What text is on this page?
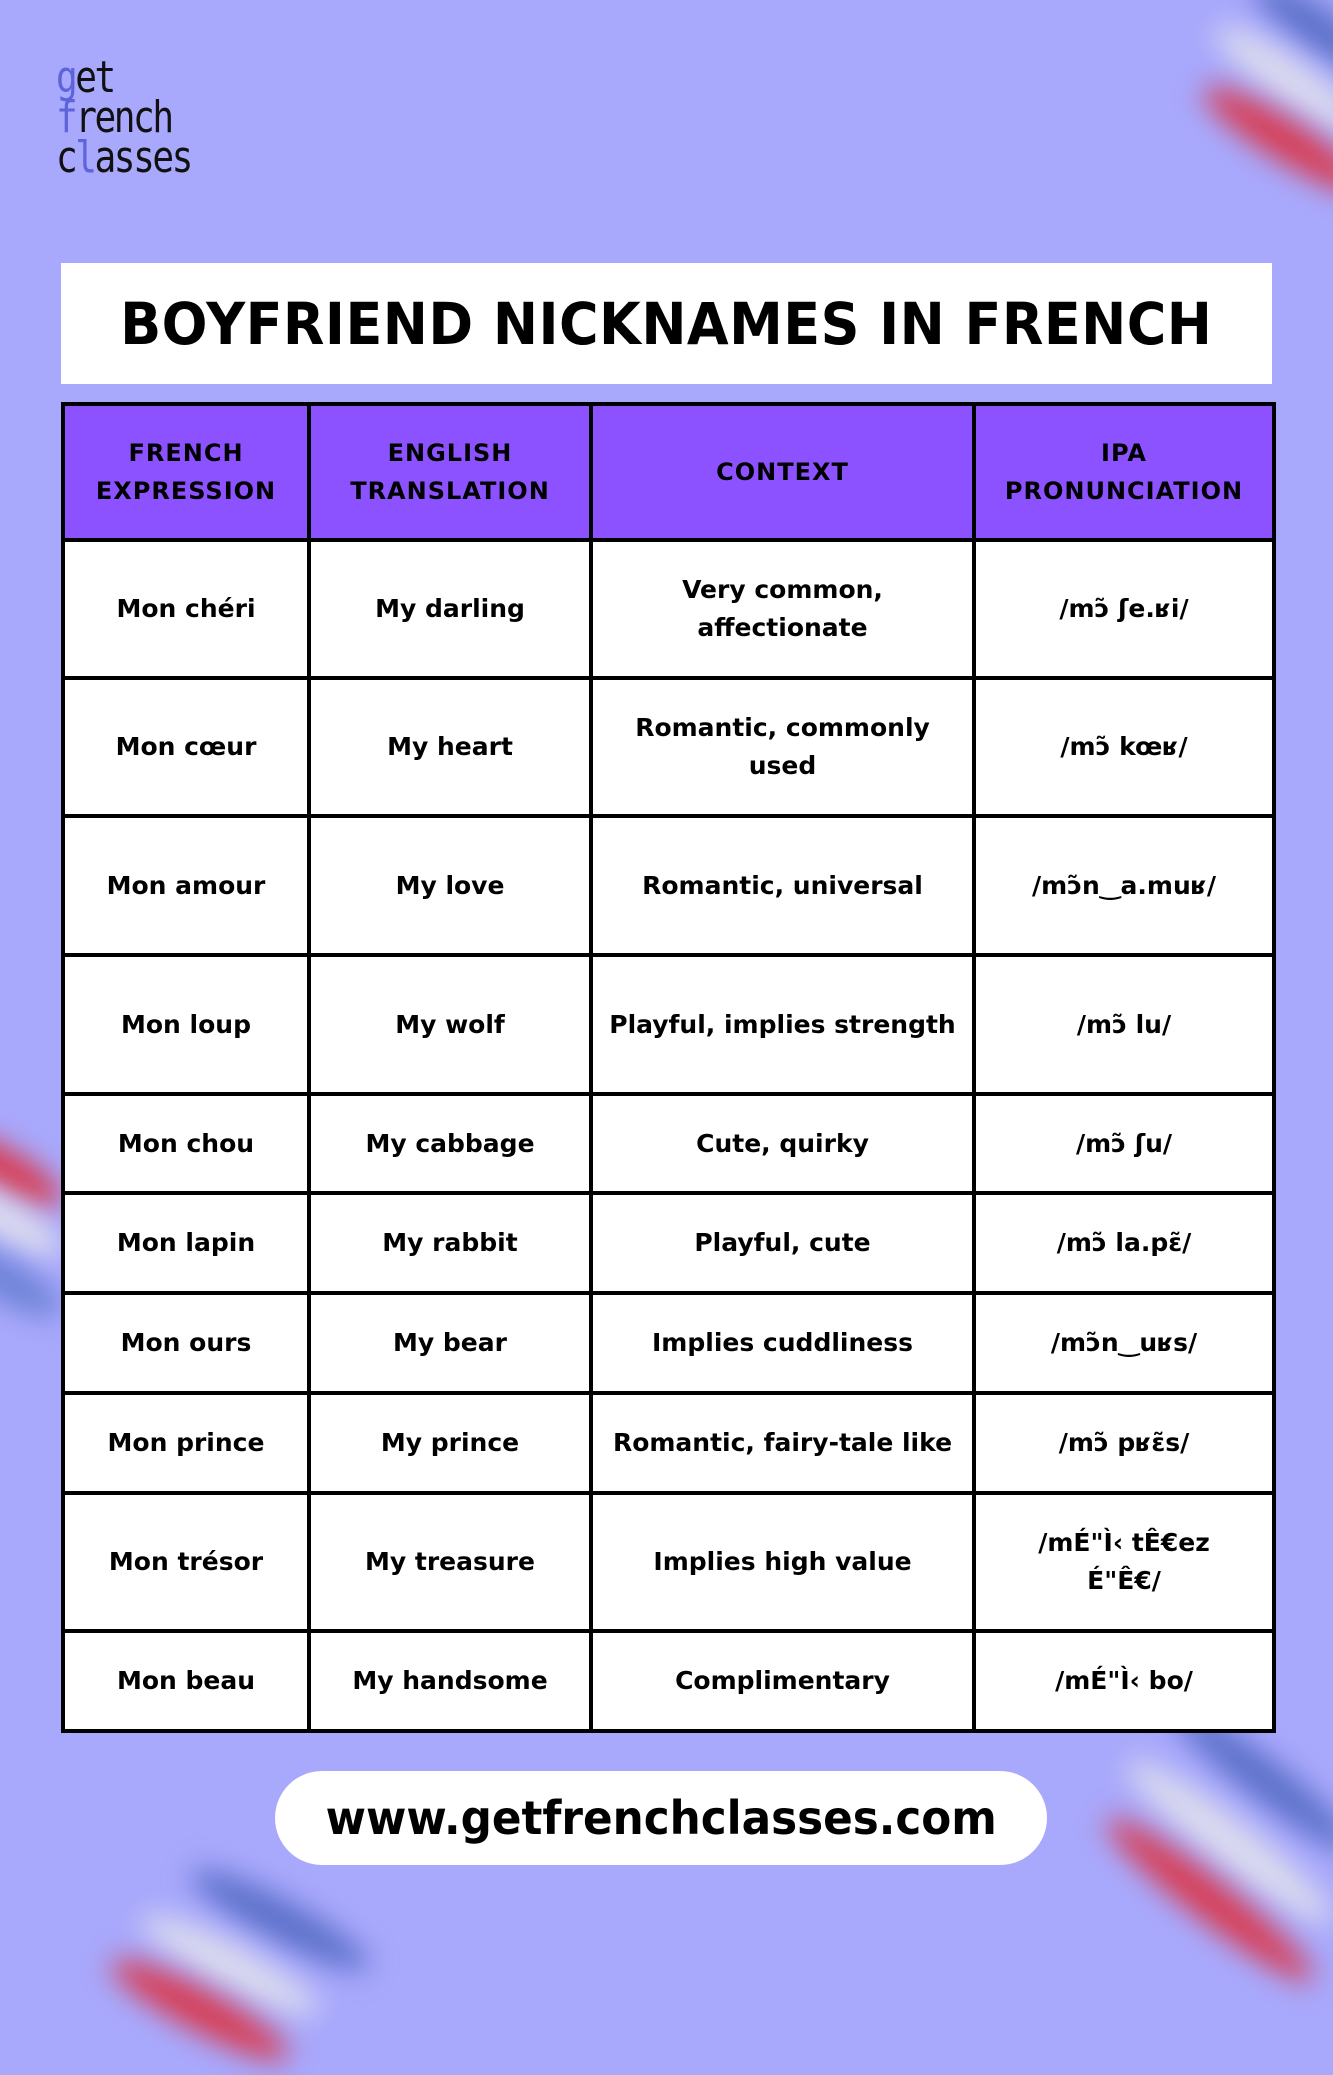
get
french
classes
BOYFRIEND NICKNAMES IN FRENCH
FRENCH EXPRESSION	ENGLISH TRANSLATION	CONTEXT	IPA PRONUNCIATION
Mon chéri	My darling	Very common, affectionate	/mɔ̃ ʃe.ʁi/
Mon cœur	My heart	Romantic, commonly used	/mɔ̃ kœʁ/
Mon amour	My love	Romantic, universal	/mɔ̃n‿a.muʁ/
Mon loup	My wolf	Playful, implies strength	/mɔ̃ lu/
Mon chou	My cabbage	Cute, quirky	/mɔ̃ ʃu/
Mon lapin	My rabbit	Playful, cute	/mɔ̃ la.pɛ̃/
Mon ours	My bear	Implies cuddliness	/mɔ̃n‿uʁs/
Mon prince	My prince	Romantic, fairy-tale like	/mɔ̃ pʁɛ̃s/
Mon trésor	My treasure	Implies high value	/mÉ"Ì‹ tÊ€ezÉ"Ê€/
Mon beau	My handsome	Complimentary	/mÉ"Ì‹ bo/
www.getfrenchclasses.com
